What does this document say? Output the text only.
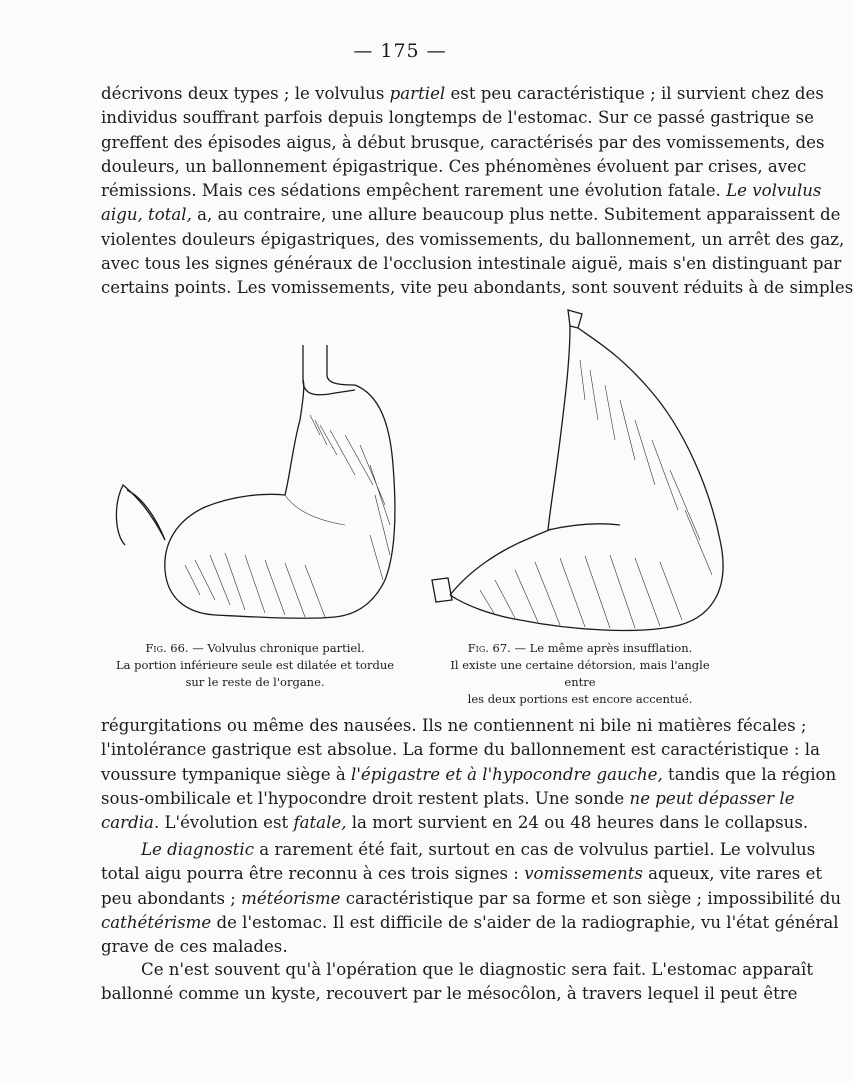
— 175 —

décrivons deux types ; le volvulus partiel est peu caractéristique ; il survient chez des
individus souffrant parfois depuis longtemps de l'estomac. Sur ce passé gastrique se
greffent des épisodes aigus, à début brusque, caractérisés par des vomissements, des
douleurs, un ballonnement épigastrique. Ces phénomènes évoluent par crises, avec
rémissions. Mais ces sédations empêchent rarement une évolution fatale. Le volvulus
aigu, total, a, au contraire, une allure beaucoup plus nette. Subitement apparaissent de
violentes douleurs épigastriques, des vomissements, du ballonnement, un arrêt des gaz,
avec tous les signes généraux de l'occlusion intestinale aiguë, mais s'en distinguant par
certains points. Les vomissements, vite peu abondants, sont souvent réduits à de simples

Fig. 66. — Volvulus chronique partiel.
La portion inférieure seule est dilatée et tordue
sur le reste de l'organe.
Fig. 67. — Le même après insufflation.
Il existe une certaine détorsion, mais l'angle entre
les deux portions est encore accentué.

régurgitations ou même des nausées. Ils ne contiennent ni bile ni matières fécales ;
l'intolérance gastrique est absolue. La forme du ballonnement est caractéristique : la
voussure tympanique siège à l'épigastre et à l'hypocondre gauche, tandis que la région
sous-ombilicale et l'hypocondre droit restent plats. Une sonde ne peut dépasser le
cardia. L'évolution est fatale, la mort survient en 24 ou 48 heures dans le collapsus.

Le diagnostic a rarement été fait, surtout en cas de volvulus partiel. Le volvulus
total aigu pourra être reconnu à ces trois signes : vomissements aqueux, vite rares et
peu abondants ; météorisme caractéristique par sa forme et son siège ; impossibilité du
cathétérisme de l'estomac. Il est difficile de s'aider de la radiographie, vu l'état général
grave de ces malades.

Ce n'est souvent qu'à l'opération que le diagnostic sera fait. L'estomac apparaît
ballonné comme un kyste, recouvert par le mésocôlon, à travers lequel il peut être
